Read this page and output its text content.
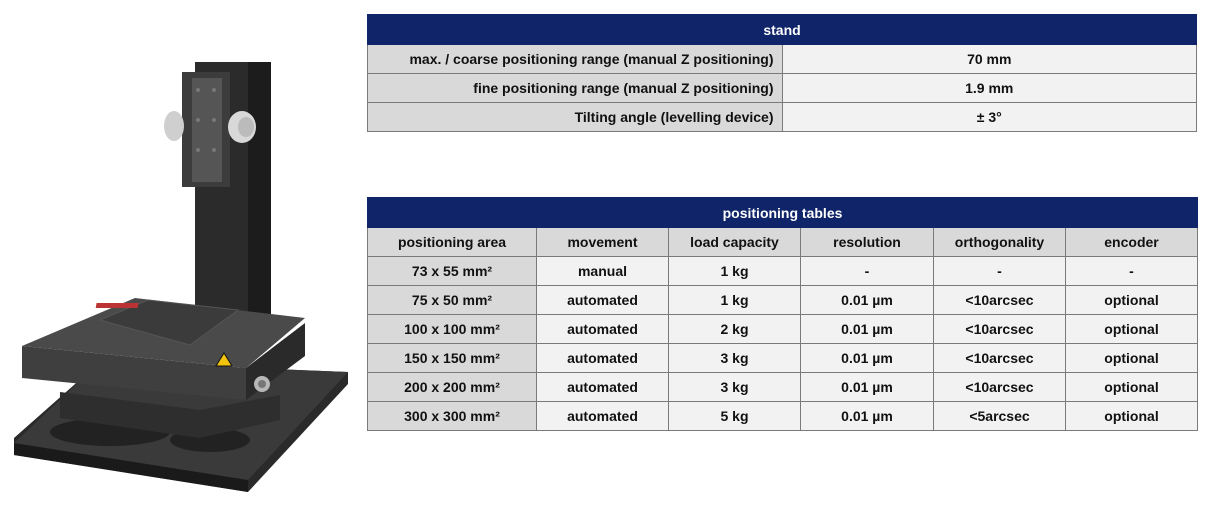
stand	
max. / coarse positioning range (manual Z positioning)	70 mm
fine positioning range (manual Z positioning)	1.9 mm
Tilting angle (levelling device)	± 3°
positioning tables					
positioning area	movement	load capacity	resolution	orthogonality	encoder
73 x 55 mm²	manual	1 kg	-	-	-
75 x 50 mm²	automated	1 kg	0.01 µm	<10arcsec	optional
100 x 100 mm²	automated	2 kg	0.01 µm	<10arcsec	optional
150 x 150 mm²	automated	3 kg	0.01 µm	<10arcsec	optional
200 x 200 mm²	automated	3 kg	0.01 µm	<10arcsec	optional
300 x 300 mm²	automated	5 kg	0.01 µm	<5arcsec	optional
